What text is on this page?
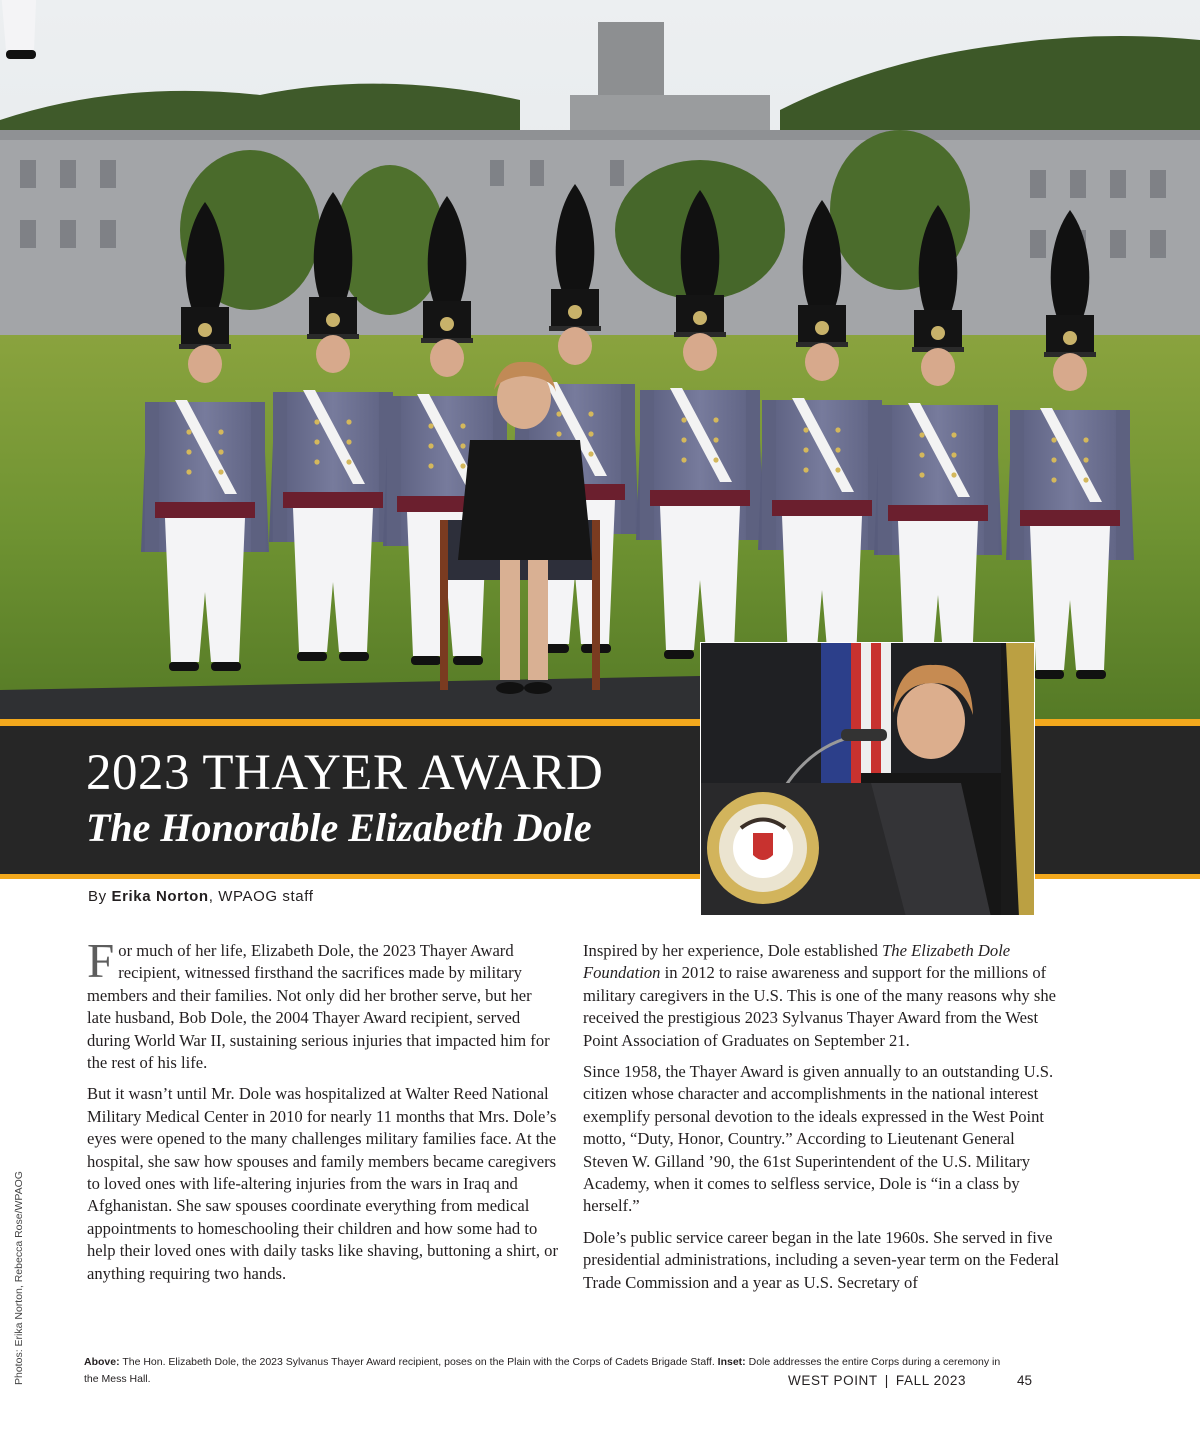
2023 THAYER AWARD
The Honorable Elizabeth Dole
By Erika Norton, WPAOG staff

For much of her life, Elizabeth Dole, the 2023 Thayer Award recipient, witnessed firsthand the sacrifices made by military members and their families. Not only did her brother serve, but her late husband, Bob Dole, the 2004 Thayer Award recipient, served during World War II, sustaining serious injuries that impacted him for the rest of his life.

But it wasn’t until Mr. Dole was hospitalized at Walter Reed National Military Medical Center in 2010 for nearly 11 months that Mrs. Dole’s eyes were opened to the many challenges military families face. At the hospital, she saw how spouses and family members became caregivers to loved ones with life-altering injuries from the wars in Iraq and Afghanistan. She saw spouses coordinate everything from medical appointments to homeschooling their children and how some had to help their loved ones with daily tasks like shaving, buttoning a shirt, or anything requiring two hands.

Inspired by her experience, Dole established The Elizabeth Dole Foundation in 2012 to raise awareness and support for the millions of military caregivers in the U.S. This is one of the many reasons why she received the prestigious 2023 Sylvanus Thayer Award from the West Point Association of Graduates on September 21.

Since 1958, the Thayer Award is given annually to an outstanding U.S. citizen whose character and accomplishments in the national interest exemplify personal devotion to the ideals expressed in the West Point motto, “Duty, Honor, Country.” According to Lieutenant General Steven W. Gilland ’90, the 61st Superintendent of the U.S. Military Academy, when it comes to selfless service, Dole is “in a class by herself.”

Dole’s public service career began in the late 1960s. She served in five presidential administrations, including a seven-year term on the Federal Trade Commission and a year as U.S. Secretary of

Photos: Erika Norton, Rebecca Rose/WPAOG	Above: The Hon. Elizabeth Dole, the 2023 Sylvanus Thayer Award recipient, poses on the Plain with the Corps of Cadets Brigade Staff. Inset: Dole addresses the entire Corps during a ceremony in the Mess Hall.	WEST POINT | FALL 2023	45
